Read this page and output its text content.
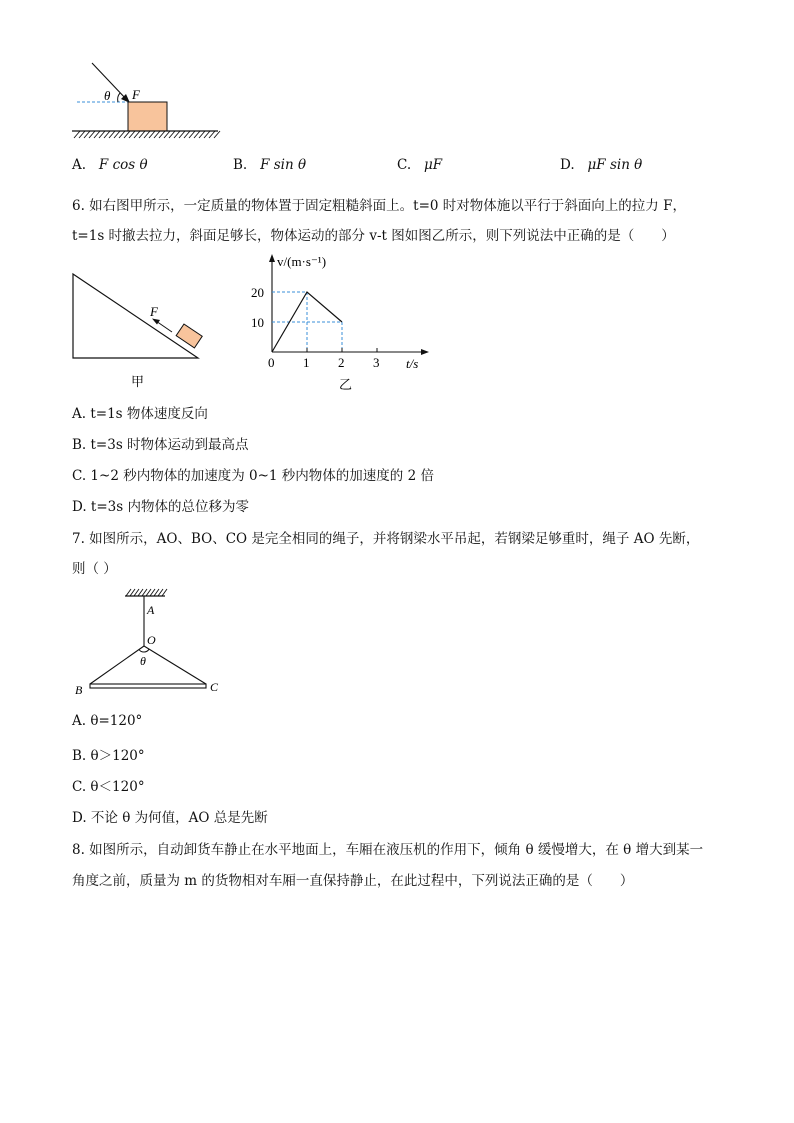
θ F
A. F cos θ	B. F sin θ	C. μF	D. μF sin θ
6. 如右图甲所示，一定质量的物体置于固定粗糙斜面上。t=0 时对物体施以平行于斜面向上的拉力 F，
t=1s 时撤去拉力，斜面足够长，物体运动的部分 v-t 图如图乙所示，则下列说法中正确的是（　　）
F
甲
v/(m·s⁻¹)
t/s
0 1 2 3
10
20
乙
A. t=1s 物体速度反向
B. t=3s 时物体运动到最高点
C. 1~2 秒内物体的加速度为 0~1 秒内物体的加速度的 2 倍
D. t=3s 内物体的总位移为零
7. 如图所示，AO、BO、CO 是完全相同的绳子，并将钢梁水平吊起，若钢梁足够重时，绳子 AO 先断，
则（ ）
A
O
θ
B	C
A. θ=120°
B. θ＞120°
C. θ＜120°
D. 不论 θ 为何值，AO 总是先断
8. 如图所示，自动卸货车静止在水平地面上，车厢在液压机的作用下，倾角 θ 缓慢增大，在 θ 增大到某一
角度之前，质量为 m 的货物相对车厢一直保持静止，在此过程中，下列说法正确的是（　　）
